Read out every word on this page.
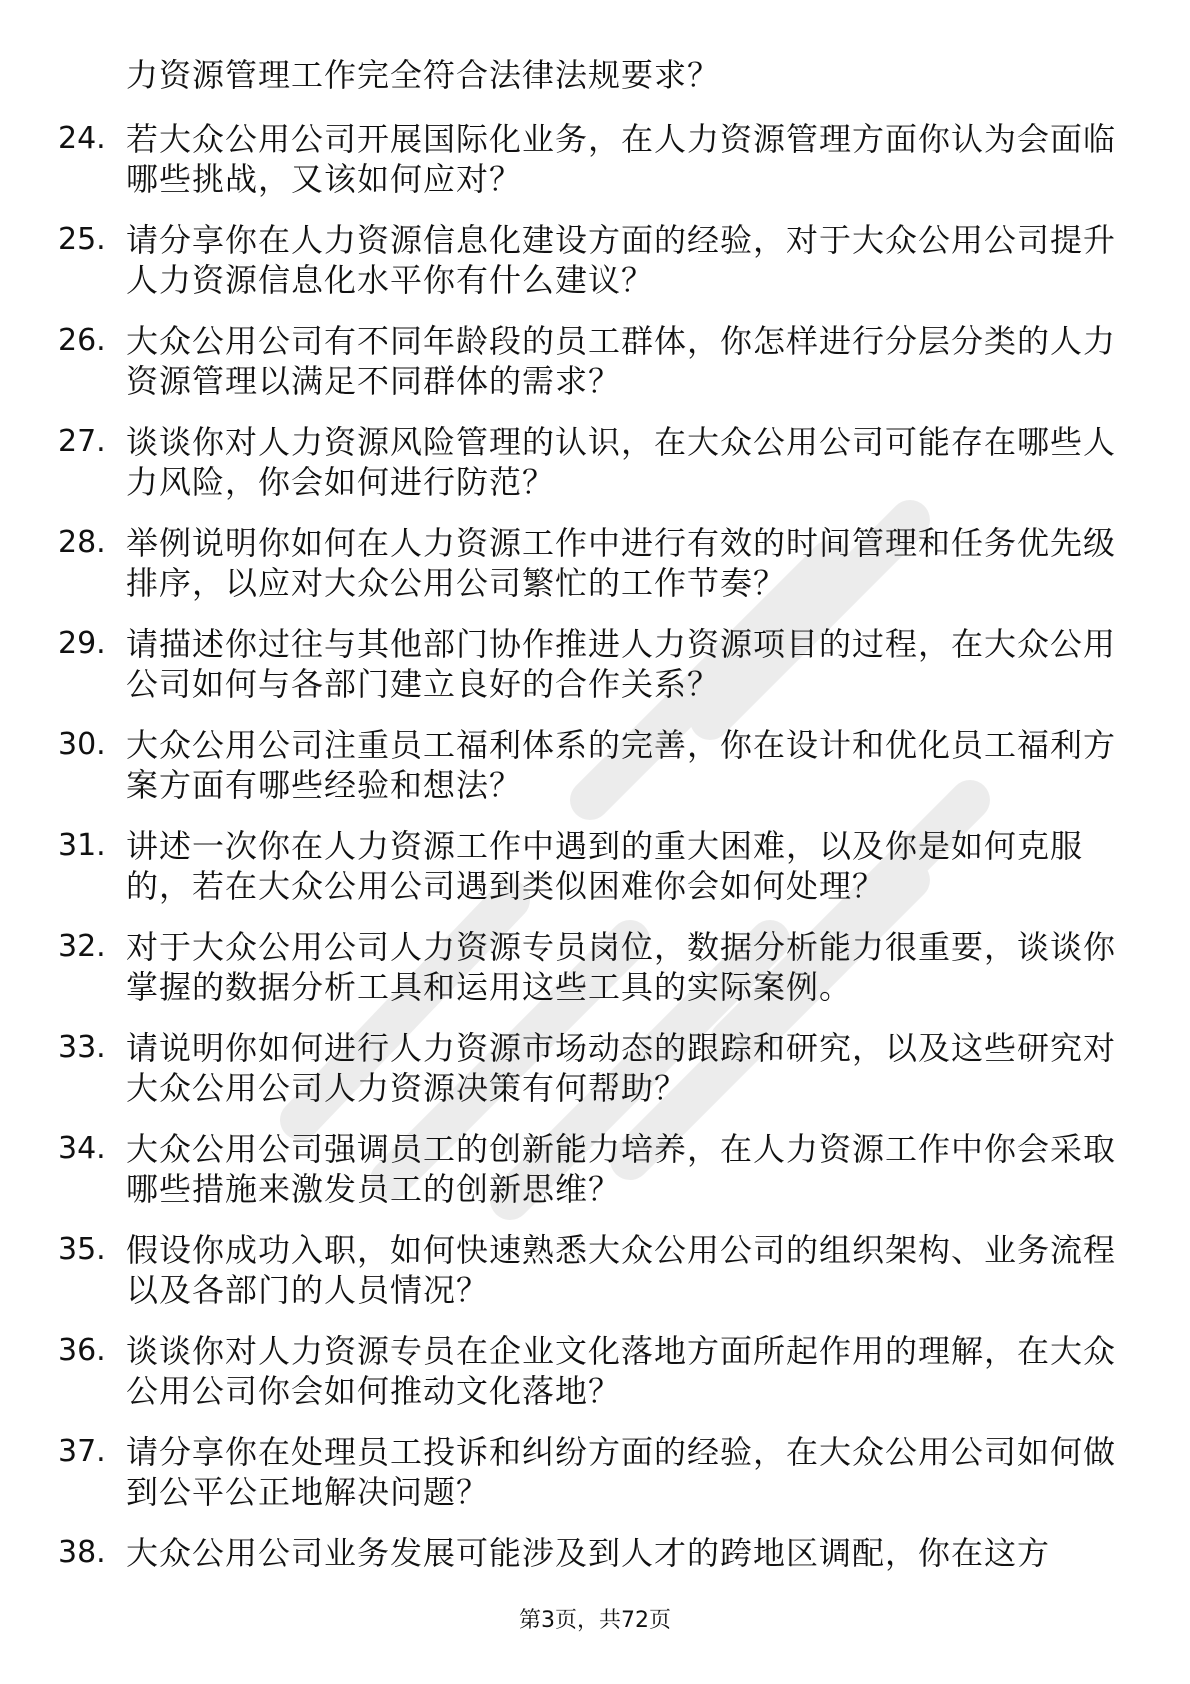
力资源管理工作完全符合法律法规要求？
24. 若大众公用公司开展国际化业务，在人力资源管理方面你认为会面临哪些挑战，又该如何应对？
25. 请分享你在人力资源信息化建设方面的经验，对于大众公用公司提升人力资源信息化水平你有什么建议？
26. 大众公用公司有不同年龄段的员工群体，你怎样进行分层分类的人力资源管理以满足不同群体的需求？
27. 谈谈你对人力资源风险管理的认识，在大众公用公司可能存在哪些人力风险，你会如何进行防范？
28. 举例说明你如何在人力资源工作中进行有效的时间管理和任务优先级排序，以应对大众公用公司繁忙的工作节奏？
29. 请描述你过往与其他部门协作推进人力资源项目的过程，在大众公用公司如何与各部门建立良好的合作关系？
30. 大众公用公司注重员工福利体系的完善，你在设计和优化员工福利方案方面有哪些经验和想法？
31. 讲述一次你在人力资源工作中遇到的重大困难，以及你是如何克服的，若在大众公用公司遇到类似困难你会如何处理？
32. 对于大众公用公司人力资源专员岗位，数据分析能力很重要，谈谈你掌握的数据分析工具和运用这些工具的实际案例。
33. 请说明你如何进行人力资源市场动态的跟踪和研究，以及这些研究对大众公用公司人力资源决策有何帮助？
34. 大众公用公司强调员工的创新能力培养，在人力资源工作中你会采取哪些措施来激发员工的创新思维？
35. 假设你成功入职，如何快速熟悉大众公用公司的组织架构、业务流程以及各部门的人员情况？
36. 谈谈你对人力资源专员在企业文化落地方面所起作用的理解，在大众公用公司你会如何推动文化落地？
37. 请分享你在处理员工投诉和纠纷方面的经验，在大众公用公司如何做到公平公正地解决问题？
38. 大众公用公司业务发展可能涉及到人才的跨地区调配，你在这方
第3页，共72页
